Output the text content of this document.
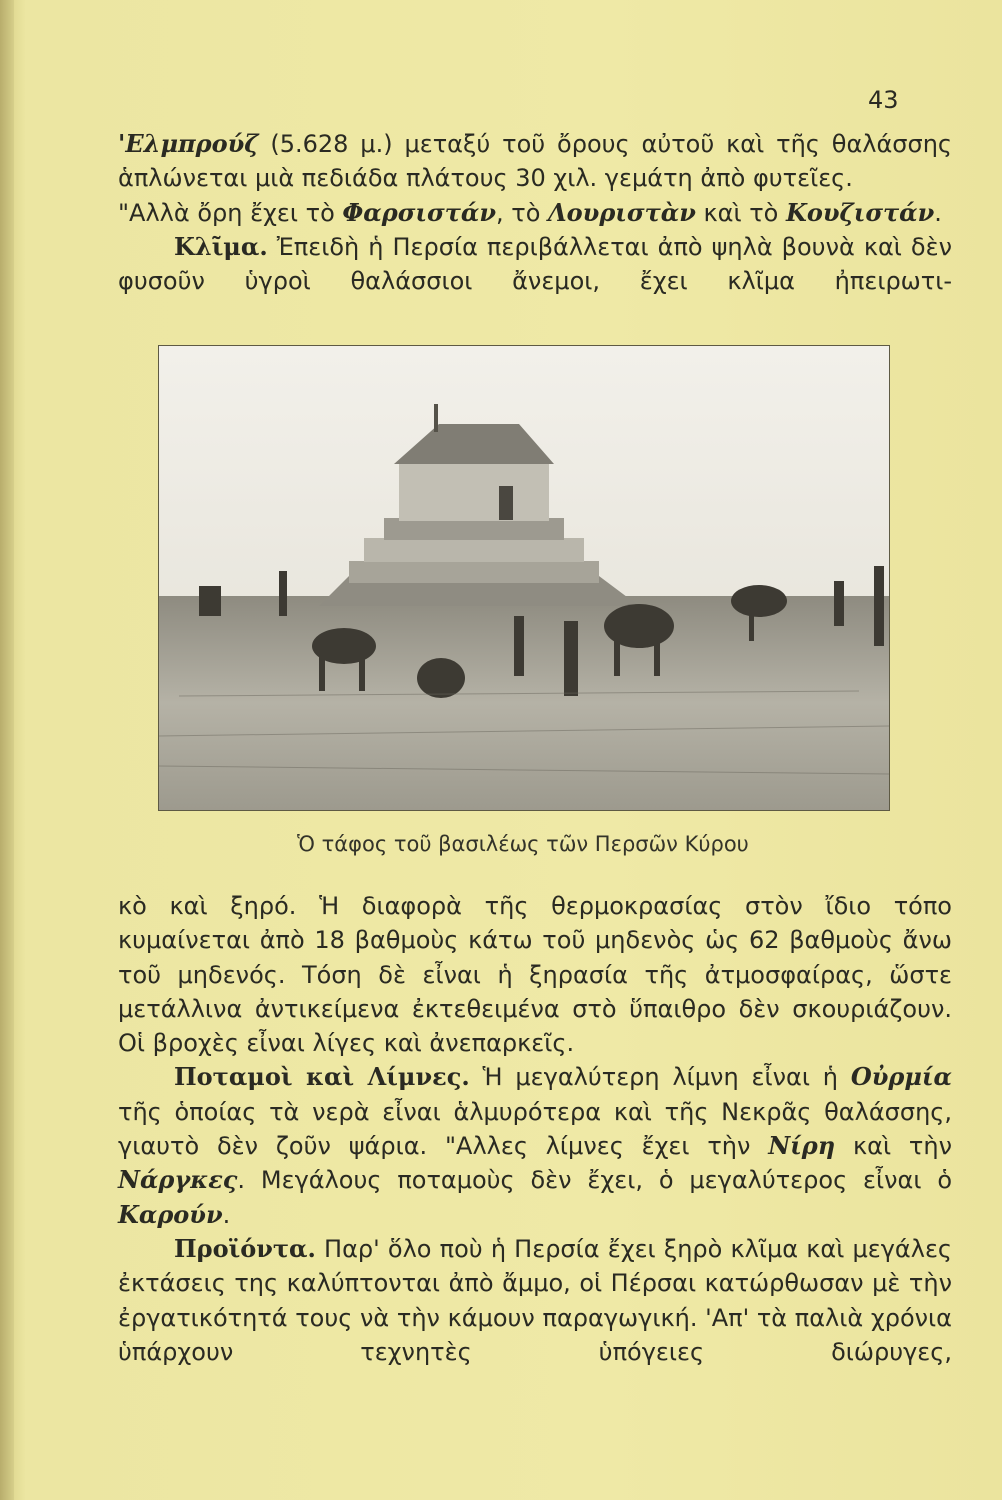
43

'Ελμπρούζ (5.628 μ.) μεταξύ τοῦ ὄρους αὐτοῦ καὶ τῆς θαλάσσης ἁπλώνεται μιὰ πεδιάδα πλάτους 30 χιλ. γεμάτη ἀπὸ φυτεῖες.

"Αλλὰ ὄρη ἔχει τὸ Φαρσιστάν, τὸ Λουριστὰν καὶ τὸ Κουζιστάν.

Κλῖμα. Ἐπειδὴ ἡ Περσία περιβάλλεται ἀπὸ ψηλὰ βουνὰ καὶ δὲν φυσοῦν ὑγροὶ θαλάσσιοι ἄνεμοι, ἔχει κλῖμα ἠπειρωτι-

Ὁ τάφος τοῦ βασιλέως τῶν Περσῶν Κύρου

κὸ καὶ ξηρό. Ἡ διαφορὰ τῆς θερμοκρασίας στὸν ἴδιο τόπο κυμαίνεται ἀπὸ 18 βαθμοὺς κάτω τοῦ μηδενὸς ὡς 62 βαθμοὺς ἄνω τοῦ μηδενός. Τόση δὲ εἶναι ἡ ξηρασία τῆς ἀτμοσφαίρας, ὥστε μετάλλινα ἀντικείμενα ἐκτεθειμένα στὸ ὕπαιθρο δὲν σκουριάζουν. Οἱ βροχὲς εἶναι λίγες καὶ ἀνεπαρκεῖς.

Ποταμοὶ καὶ Λίμνες. Ἡ μεγαλύτερη λίμνη εἶναι ἡ Οὐρμία τῆς ὁποίας τὰ νερὰ εἶναι ἁλμυρότερα καὶ τῆς Νεκρᾶς θαλάσσης, γιαυτὸ δὲν ζοῦν ψάρια. "Αλλες λίμνες ἔχει τὴν Νίρη καὶ τὴν Νάργκες. Μεγάλους ποταμοὺς δὲν ἔχει, ὁ μεγαλύτερος εἶναι ὁ Καρούν.

Προϊόντα. Παρ' ὅλο ποὺ ἡ Περσία ἔχει ξηρὸ κλῖμα καὶ μεγάλες ἐκτάσεις της καλύπτονται ἀπὸ ἄμμο, οἱ Πέρσαι κατώρθωσαν μὲ τὴν ἐργατικότητά τους νὰ τὴν κάμουν παραγωγική. 'Απ' τὰ παλιὰ χρόνια ὑπάρχουν τεχνητὲς ὑπόγειες διώρυγες,
